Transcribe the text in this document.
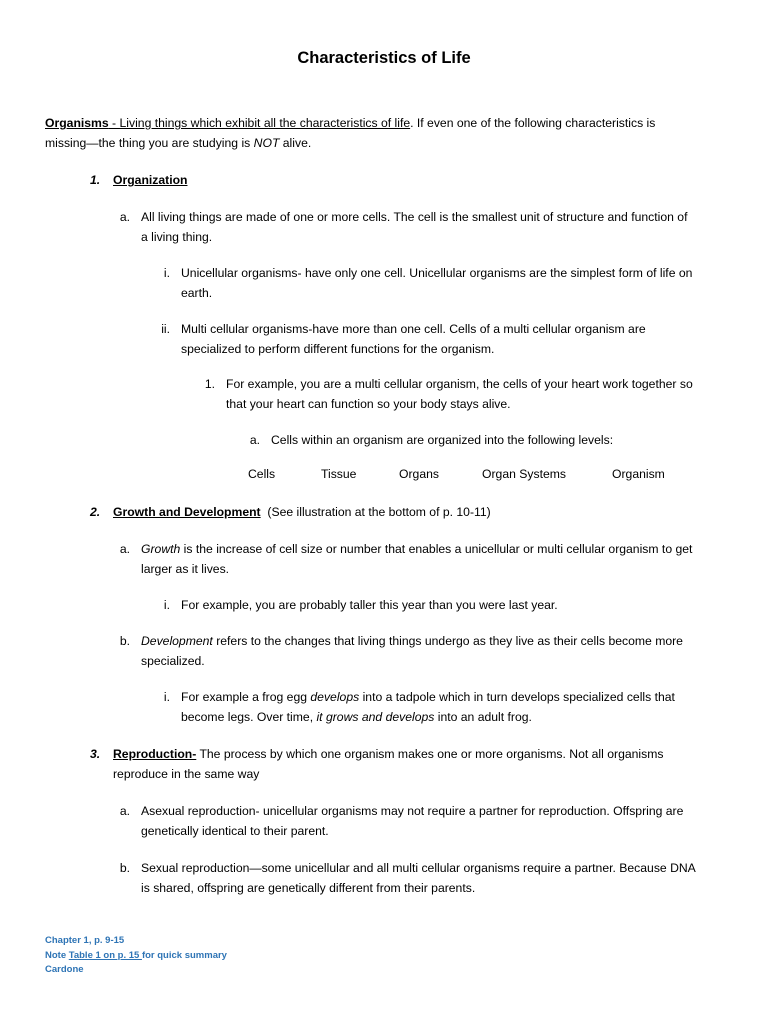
Characteristics of Life
Organisms - Living things which exhibit all the characteristics of life. If even one of the following characteristics is
missing—the thing you are studying is NOT alive.
1. Organization
a. All living things are made of one or more cells. The cell is the smallest unit of structure and function of
a living thing.
i. Unicellular organisms- have only one cell. Unicellular organisms are the simplest form of life on
earth.
ii. Multi cellular organisms-have more than one cell. Cells of a multi cellular organism are
specialized to perform different functions for the organism.
1. For example, you are a multi cellular organism, the cells of your heart work together so
that your heart can function so your body stays alive.
a. Cells within an organism are organized into the following levels:
Cells	Tissue	Organs	Organ Systems	Organism
2. Growth and Development  (See illustration at the bottom of p. 10-11)
a. Growth is the increase of cell size or number that enables a unicellular or multi cellular organism to get
larger as it lives.
i. For example, you are probably taller this year than you were last year.
b. Development refers to the changes that living things undergo as they live as their cells become more
specialized.
i. For example a frog egg develops into a tadpole which in turn develops specialized cells that
become legs. Over time, it grows and develops into an adult frog.
3. Reproduction- The process by which one organism makes one or more organisms. Not all organisms
reproduce in the same way
a. Asexual reproduction- unicellular organisms may not require a partner for reproduction. Offspring are
genetically identical to their parent.
b. Sexual reproduction—some unicellular and all multi cellular organisms require a partner. Because DNA
is shared, offspring are genetically different from their parents.
Chapter 1, p. 9-15
Note Table 1 on p. 15 for quick summary
Cardone
